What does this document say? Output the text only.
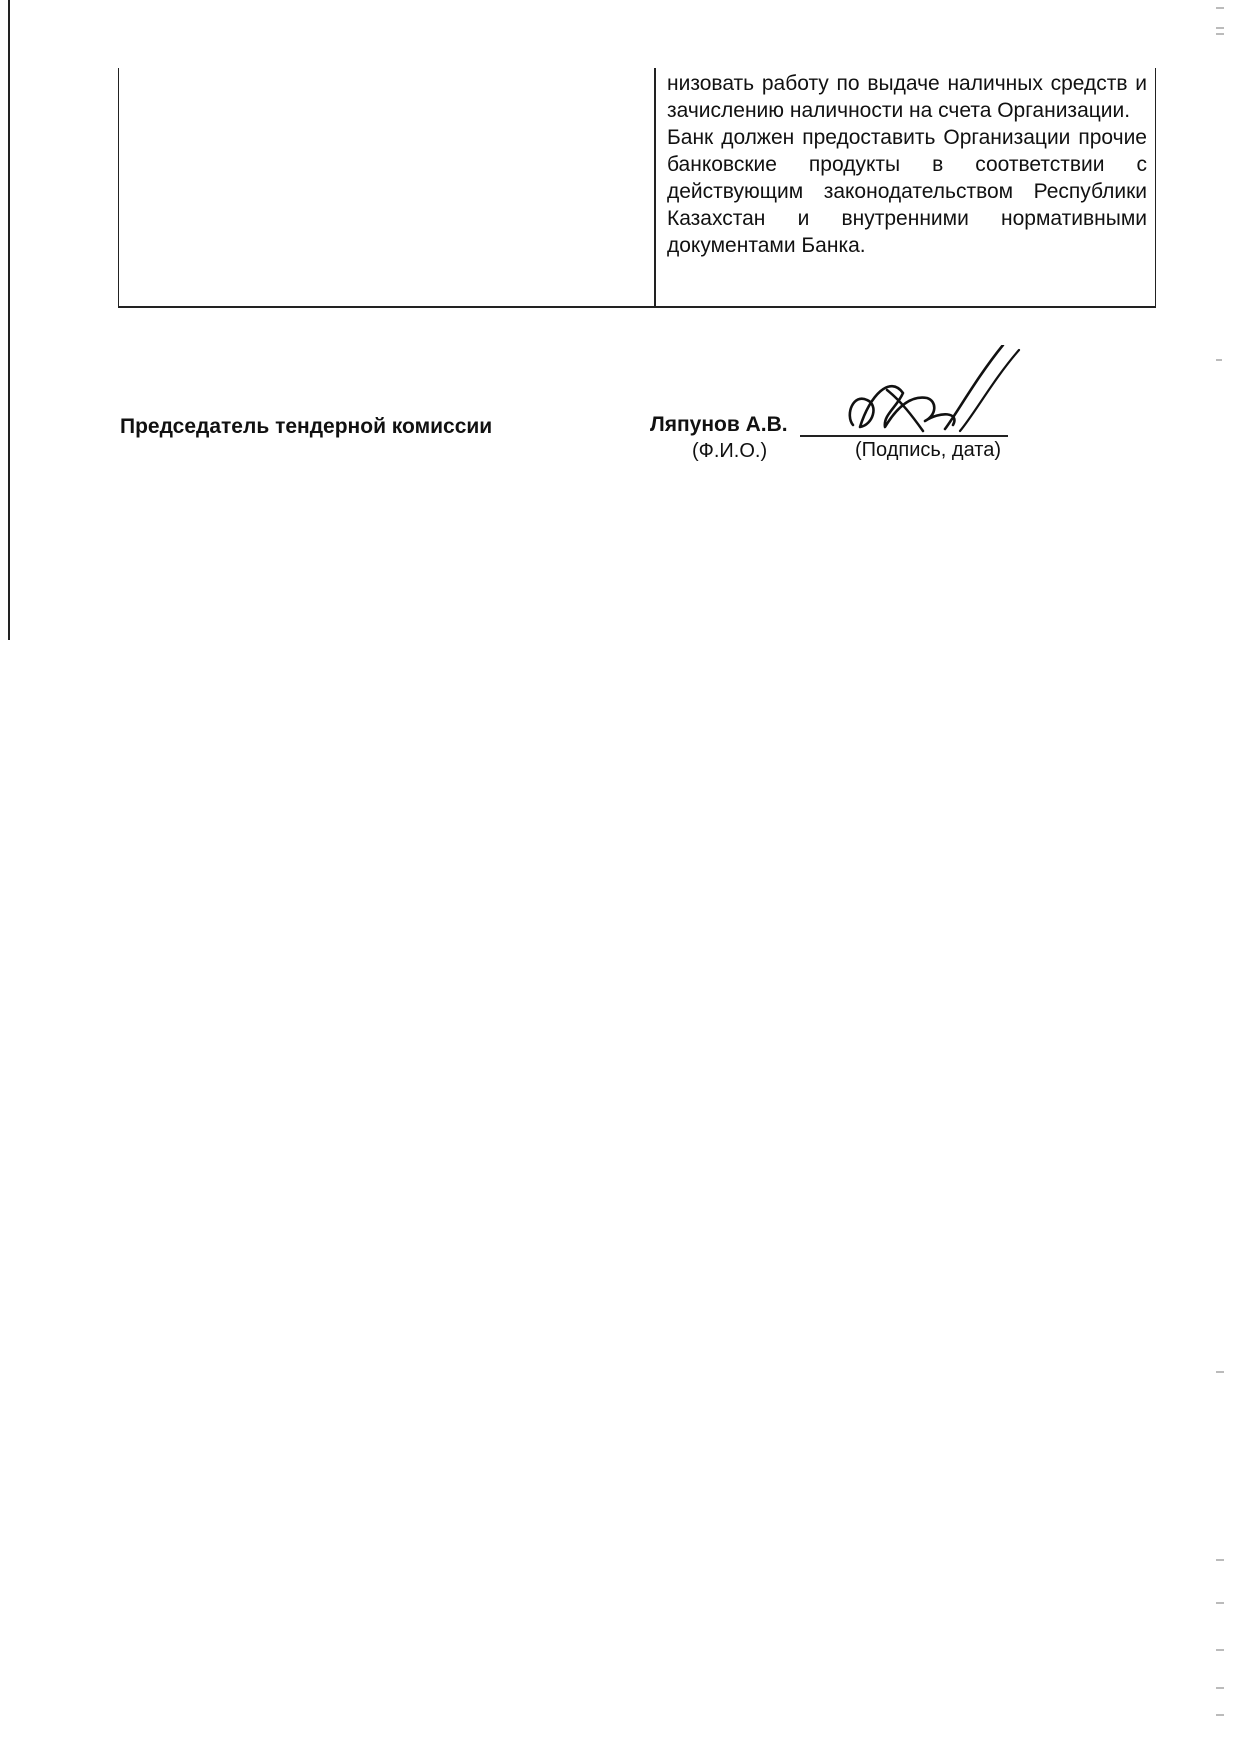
низовать работу по выдаче наличных средств и зачислению наличности на счета Организации.

Банк должен предоставить Организации прочие банковские продукты в соответствии с действующим законодательством Республики Казахстан и внутренними нормативными документами Банка.

Председатель тендерной комиссии	Ляпунов А.В.
(Ф.И.О.)	(Подпись, дата)
